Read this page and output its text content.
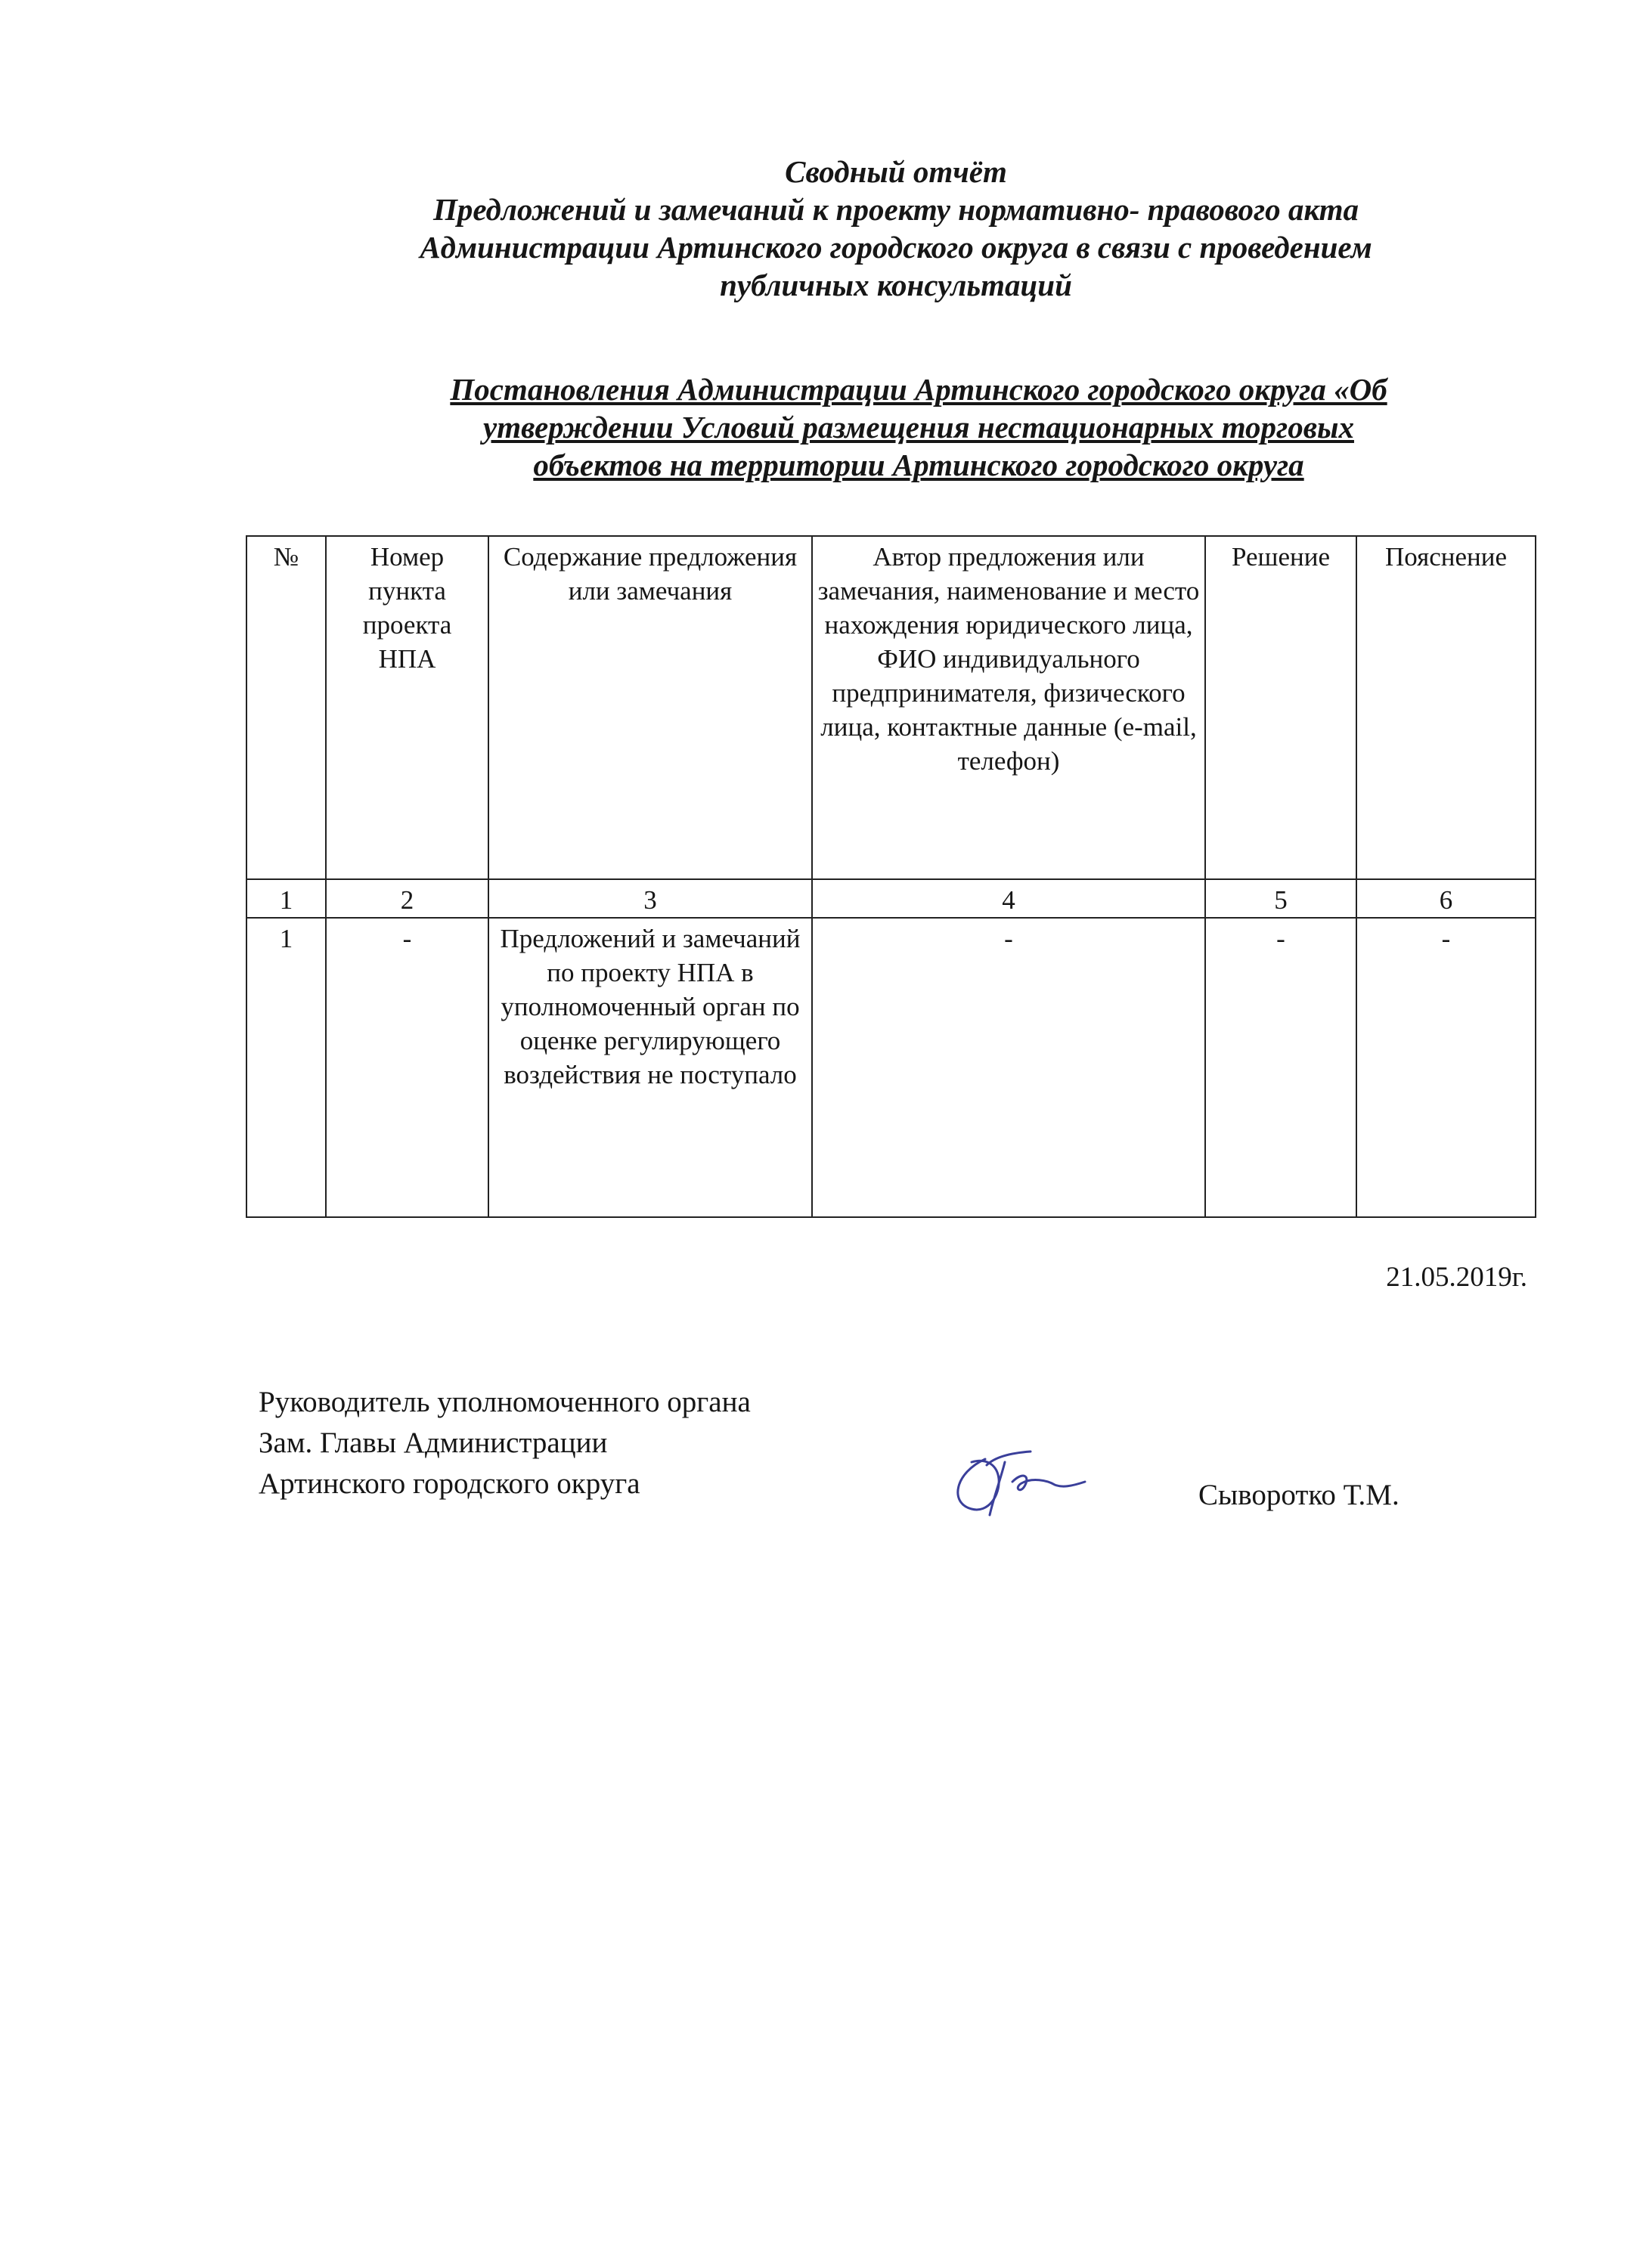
Сводный отчёт
Предложений и замечаний к проекту нормативно- правового акта
Администрации Артинского городского округа в связи с проведением
публичных консультаций
Постановления Администрации Артинского городского округа «Об
утверждении Условий размещения нестационарных торговых
объектов на территории Артинского городского округа
№	Номер пункта проекта НПА	Содержание предложения или замечания	Автор предложения или замечания, наименование и место нахождения юридического лица, ФИО индивидуального предпринимателя, физического лица, контактные данные (e-mail, телефон)	Решение	Пояснение
1	2	3	4	5	6
1	-	Предложений и замечаний по проекту НПА в уполномоченный орган по оценке регулирующего воздействия не поступало	-	-	-
21.05.2019г.
Руководитель уполномоченного органа
Зам. Главы Администрации
Артинского городского округа	Сыворотко Т.М.
